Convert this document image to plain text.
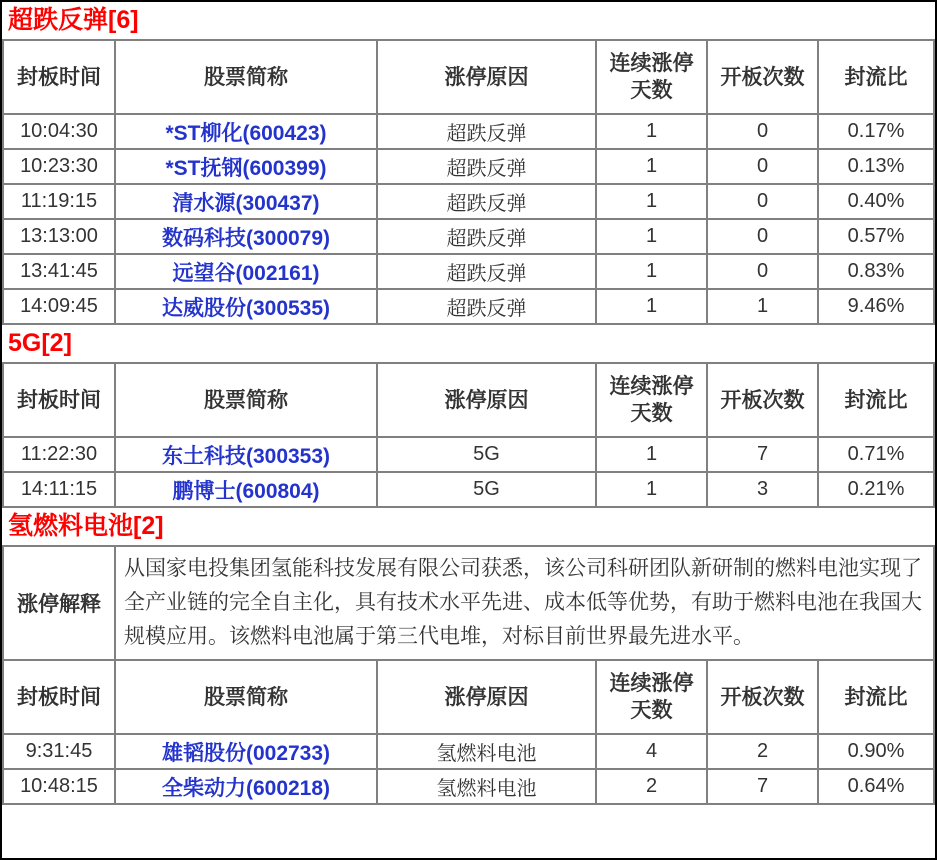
超跌反弹[6]
封板时间	股票简称	涨停原因	连续涨停天数	开板次数	封流比
10:04:30	*ST柳化(600423)	超跌反弹	1	0	0.17%
10:23:30	*ST抚钢(600399)	超跌反弹	1	0	0.13%
11:19:15	清水源(300437)	超跌反弹	1	0	0.40%
13:13:00	数码科技(300079)	超跌反弹	1	0	0.57%
13:41:45	远望谷(002161)	超跌反弹	1	0	0.83%
14:09:45	达威股份(300535)	超跌反弹	1	1	9.46%
5G[2]
封板时间	股票简称	涨停原因	连续涨停天数	开板次数	封流比
11:22:30	东土科技(300353)	5G	1	7	0.71%
14:11:15	鹏博士(600804)	5G	1	3	0.21%
氢燃料电池[2]
涨停解释	从国家电投集团氢能科技发展有限公司获悉，该公司科研团队新研制的燃料电池实现了全产业链的完全自主化，具有技术水平先进、成本低等优势，有助于燃料电池在我国大规模应用。该燃料电池属于第三代电堆，对标目前世界最先进水平。				
封板时间	股票简称	涨停原因	连续涨停天数	开板次数	封流比
9:31:45	雄韬股份(002733)	氢燃料电池	4	2	0.90%
10:48:15	全柴动力(600218)	氢燃料电池	2	7	0.64%
